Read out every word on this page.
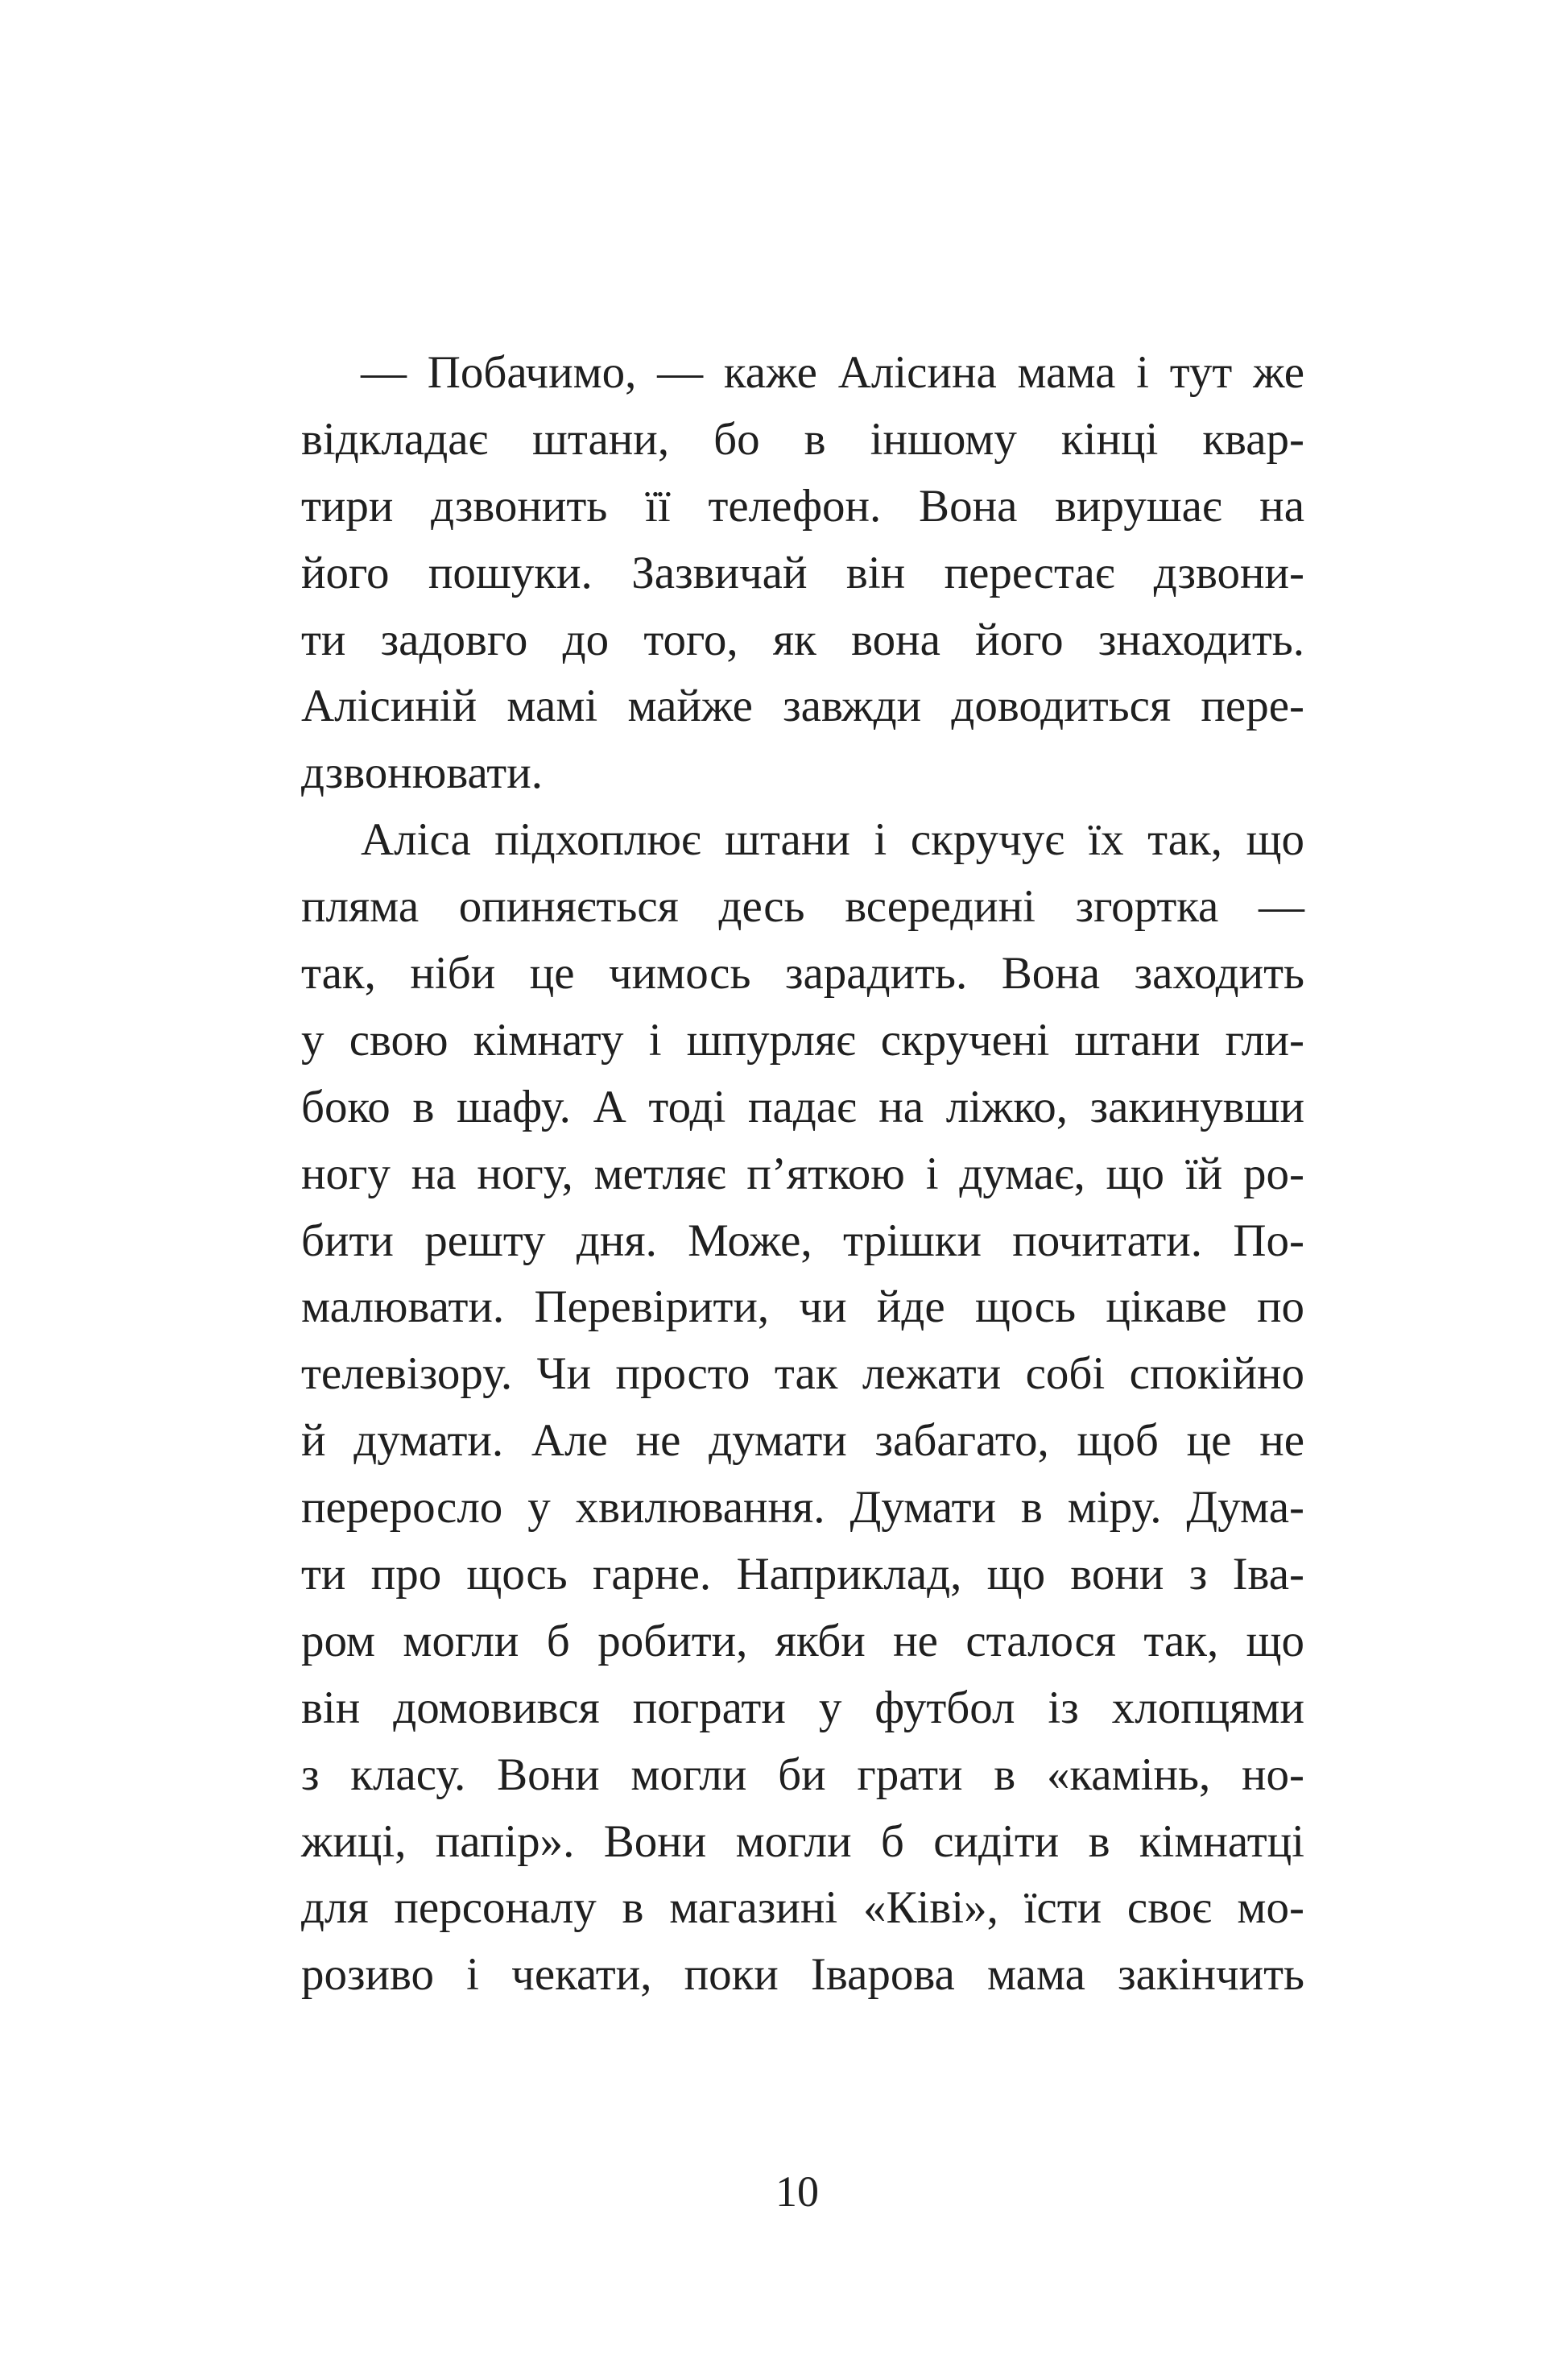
— Побачимо, — каже Алісина мама і тут же
відкладає штани, бо в іншому кінці квар-
тири дзвонить її телефон. Вона вирушає на
його пошуки. Зазвичай він перестає дзвони-
ти задовго до того, як вона його знаходить.
Алісиній мамі майже завжди доводиться пере-
дзвонювати.
Аліса підхоплює штани і скручує їх так, що
пляма опиняється десь всередині згортка —
так, ніби це чимось зарадить. Вона заходить
у свою кімнату і шпурляє скручені штани гли-
боко в шафу. А тоді падає на ліжко, закинувши
ногу на ногу, метляє п’яткою і думає, що їй ро-
бити решту дня. Може, трішки почитати. По-
малювати. Перевірити, чи йде щось цікаве по
телевізору. Чи просто так лежати собі спокійно
й думати. Але не думати забагато, щоб це не
переросло у хвилювання. Думати в міру. Дума-
ти про щось гарне. Наприклад, що вони з Іва-
ром могли б робити, якби не сталося так, що
він домовився пограти у футбол із хлопцями
з класу. Вони могли би грати в «камінь, но-
жиці, папір». Вони могли б сидіти в кімнатці
для персоналу в магазині «Ківі», їсти своє мо-
розиво і чекати, поки Іварова мама закінчить
10
